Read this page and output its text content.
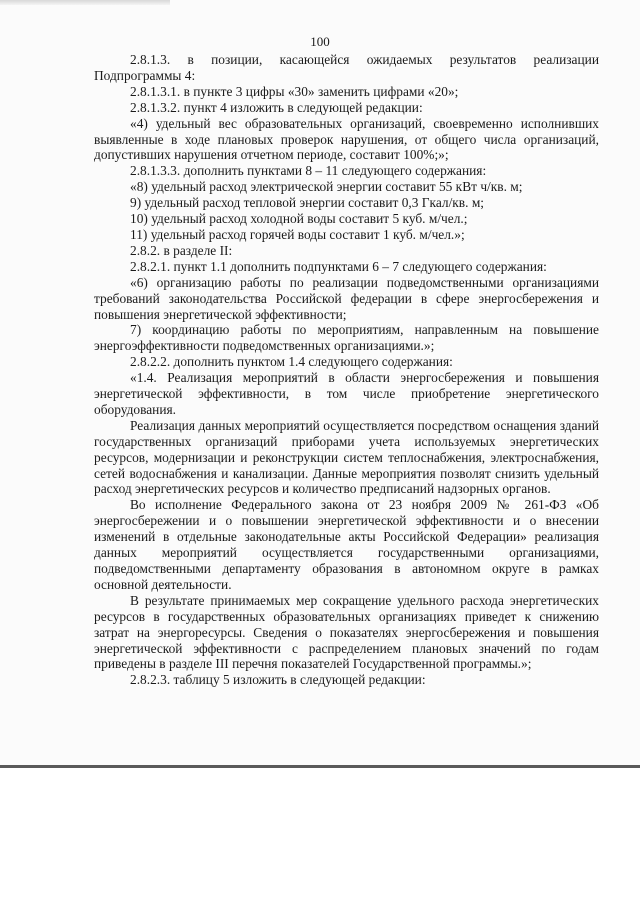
100

2.8.1.3. в позиции, касающейся ожидаемых результатов реализации Подпрограммы 4:

2.8.1.3.1. в пункте 3 цифры «30» заменить цифрами «20»;

2.8.1.3.2. пункт 4 изложить в следующей редакции:

«4) удельный вес образовательных организаций, своевременно исполнивших выявленные в ходе плановых проверок нарушения, от общего числа организаций, допустивших нарушения отчетном периоде, составит 100%;»;

2.8.1.3.3. дополнить пунктами 8 – 11 следующего содержания:

«8) удельный расход электрической энергии составит 55 кВт ч/кв. м;

9) удельный расход тепловой энергии составит 0,3 Гкал/кв. м;

10) удельный расход холодной воды составит 5 куб. м/чел.;

11) удельный расход горячей воды составит 1 куб. м/чел.»;

2.8.2. в разделе II:

2.8.2.1. пункт 1.1 дополнить подпунктами 6 – 7 следующего содержания:

«6) организацию работы по реализации подведомственными организациями требований законодательства Российской федерации в сфере энергосбережения и повышения энергетической эффективности;

7) координацию работы по мероприятиям, направленным на повышение энергоэффективности подведомственных организациями.»;

2.8.2.2. дополнить пунктом 1.4 следующего содержания:

«1.4. Реализация мероприятий в области энергосбережения и повышения энергетической эффективности, в том числе приобретение энергетического оборудования.

Реализация данных мероприятий осуществляется посредством оснащения зданий государственных организаций приборами учета используемых энергетических ресурсов, модернизации и реконструкции систем теплоснабжения, электроснабжения, сетей водоснабжения и канализации. Данные мероприятия позволят снизить удельный расход энергетических ресурсов и количество предписаний надзорных органов.

Во исполнение Федерального закона от 23 ноября 2009 № 261-ФЗ «Об энергосбережении и о повышении энергетической эффективности и о внесении изменений в отдельные законодательные акты Российской Федерации» реализация данных мероприятий осуществляется государственными организациями, подведомственными департаменту образования в автономном округе в рамках основной деятельности.

В результате принимаемых мер сокращение удельного расхода энергетических ресурсов в государственных образовательных организациях приведет к снижению затрат на энергоресурсы. Сведения о показателях энергосбережения и повышения энергетической эффективности с распределением плановых значений по годам приведены в разделе III перечня показателей Государственной программы.»;

2.8.2.3. таблицу 5 изложить в следующей редакции:
